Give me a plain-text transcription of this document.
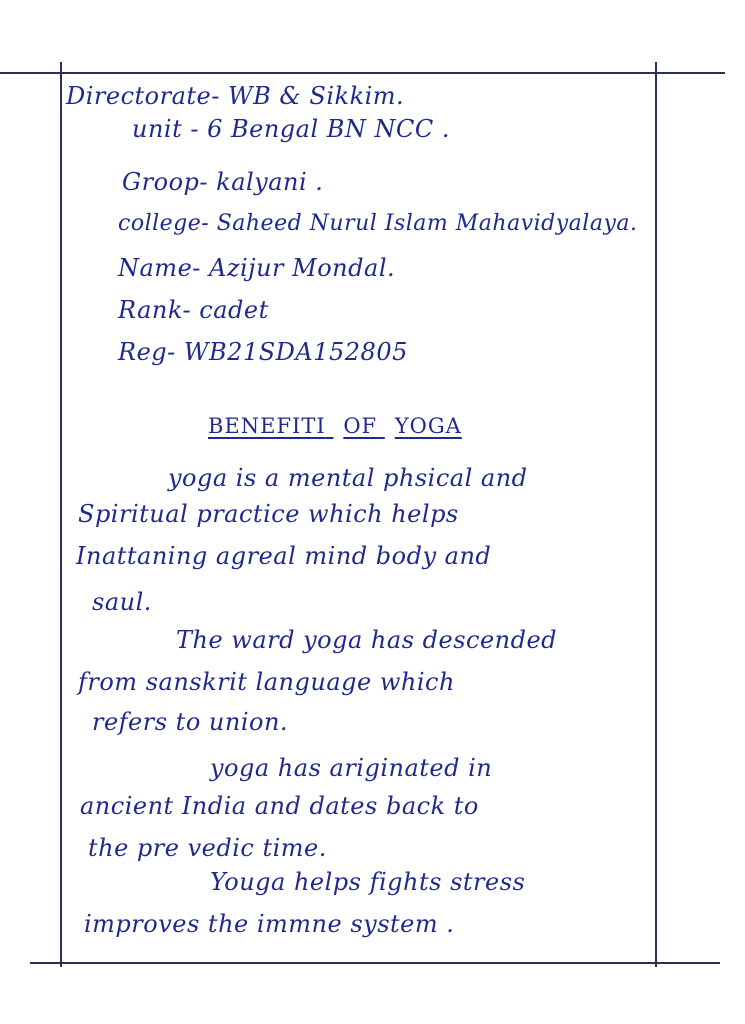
Directorate- WB & Sikkim.
unit - 6 Bengal BN NCC .
Groop- kalyani .
college- Saheed Nurul Islam Mahavidyalaya.
Name- Azijur Mondal.
Rank- cadet
Reg- WB21SDA152805
BENEFITI OF YOGA
yoga is a mental phsical and
Spiritual practice which helps
Inattaning agreal mind body and
saul.
The ward yoga has descended
from sanskrit language which
refers to union.
yoga has ariginated in
ancient India and dates back to
the pre vedic time.
Youga helps fights stress
improves the immne system .
